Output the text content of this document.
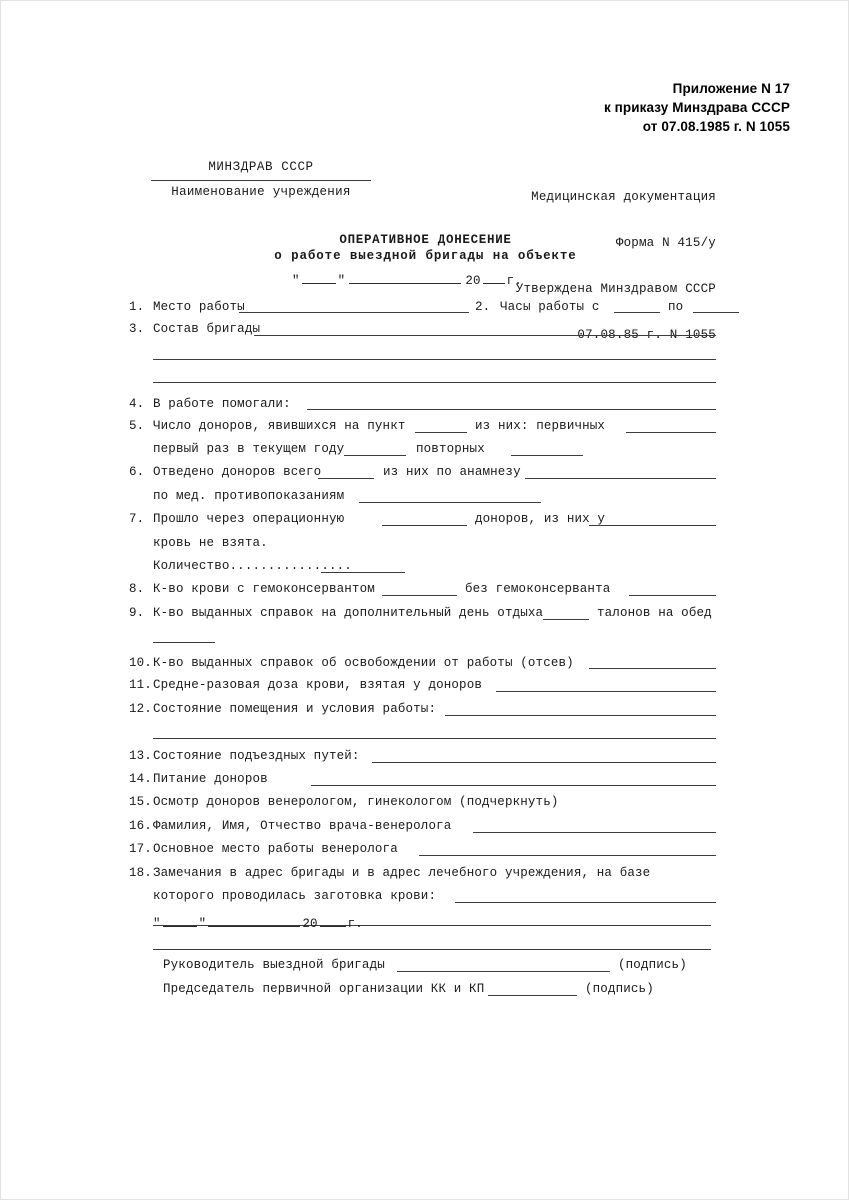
Приложение N 17
к приказу Минздрава СССР
от 07.08.1985 г. N 1055
МИНЗДРАВ СССР
Наименование учреждения

	Медицинская документация

Форма N 415/у

Утверждена Минздравом СССР

07.08.85 г. N 1055

ОПЕРАТИВНОЕ ДОНЕСЕНИЕ
о работе выездной бригады на объекте
"	"	20 г.
1. Место работы	2. Часы работы с	по
3. Состав бригады
4. В работе помогали:
5. Число доноров, явившихся на пункт	из них: первичных
первый раз в текущем году	повторных
6. Отведено доноров всего	из них по анамнезу
по мед. противопоказаниям
7. Прошло через операционную	доноров, из них у
кровь не взята.
Количество................
8. К-во крови с гемоконсервантом	без гемоконсерванта
9. К-во выданных справок на дополнительный день отдыха	талонов на обед
10. К-во выданных справок об освобождении от работы (отсев)
11. Средне-разовая доза крови, взятая у доноров
12. Состояние помещения и условия работы:
13. Состояние подъездных путей:
14. Питание доноров
15. Осмотр доноров венерологом, гинекологом (подчеркнуть)
16. Фамилия, Имя, Отчество врача-венеролога
17. Основное место работы венеролога
18. Замечания в адрес бригады и в адрес лечебного учреждения, на базе
которого проводилась заготовка крови:
"	"	20 г.
Руководитель выездной бригады	(подпись)
Председатель первичной организации КК и КП	(подпись)
